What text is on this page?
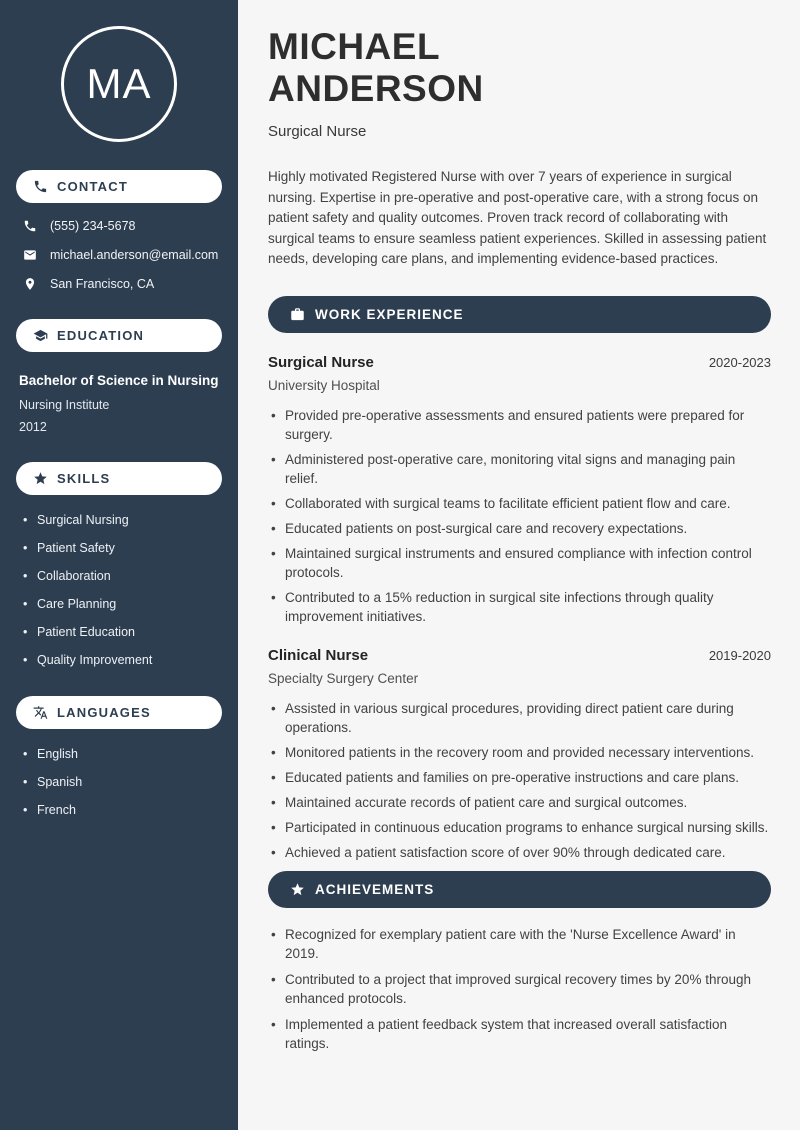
MA
CONTACT
(555) 234-5678
michael.anderson@email.com
San Francisco, CA
EDUCATION
Bachelor of Science in Nursing
Nursing Institute
2012
SKILLS
• Surgical Nursing
• Patient Safety
• Collaboration
• Care Planning
• Patient Education
• Quality Improvement
LANGUAGES
• English
• Spanish
• French
MICHAEL
ANDERSON
Surgical Nurse

Highly motivated Registered Nurse with over 7 years of experience in surgical nursing. Expertise in pre-operative and post-operative care, with a strong focus on patient safety and quality outcomes. Proven track record of collaborating with surgical teams to ensure seamless patient experiences. Skilled in assessing patient needs, developing care plans, and implementing evidence-based practices.

WORK EXPERIENCE
Surgical Nurse	2020-2023
University Hospital
• Provided pre-operative assessments and ensured patients were prepared for surgery.
• Administered post-operative care, monitoring vital signs and managing pain relief.
• Collaborated with surgical teams to facilitate efficient patient flow and care.
• Educated patients on post-surgical care and recovery expectations.
• Maintained surgical instruments and ensured compliance with infection control protocols.
• Contributed to a 15% reduction in surgical site infections through quality improvement initiatives.
Clinical Nurse	2019-2020
Specialty Surgery Center
• Assisted in various surgical procedures, providing direct patient care during operations.
• Monitored patients in the recovery room and provided necessary interventions.
• Educated patients and families on pre-operative instructions and care plans.
• Maintained accurate records of patient care and surgical outcomes.
• Participated in continuous education programs to enhance surgical nursing skills.
• Achieved a patient satisfaction score of over 90% through dedicated care.
ACHIEVEMENTS
• Recognized for exemplary patient care with the 'Nurse Excellence Award' in 2019.
• Contributed to a project that improved surgical recovery times by 20% through enhanced protocols.
• Implemented a patient feedback system that increased overall satisfaction ratings.
